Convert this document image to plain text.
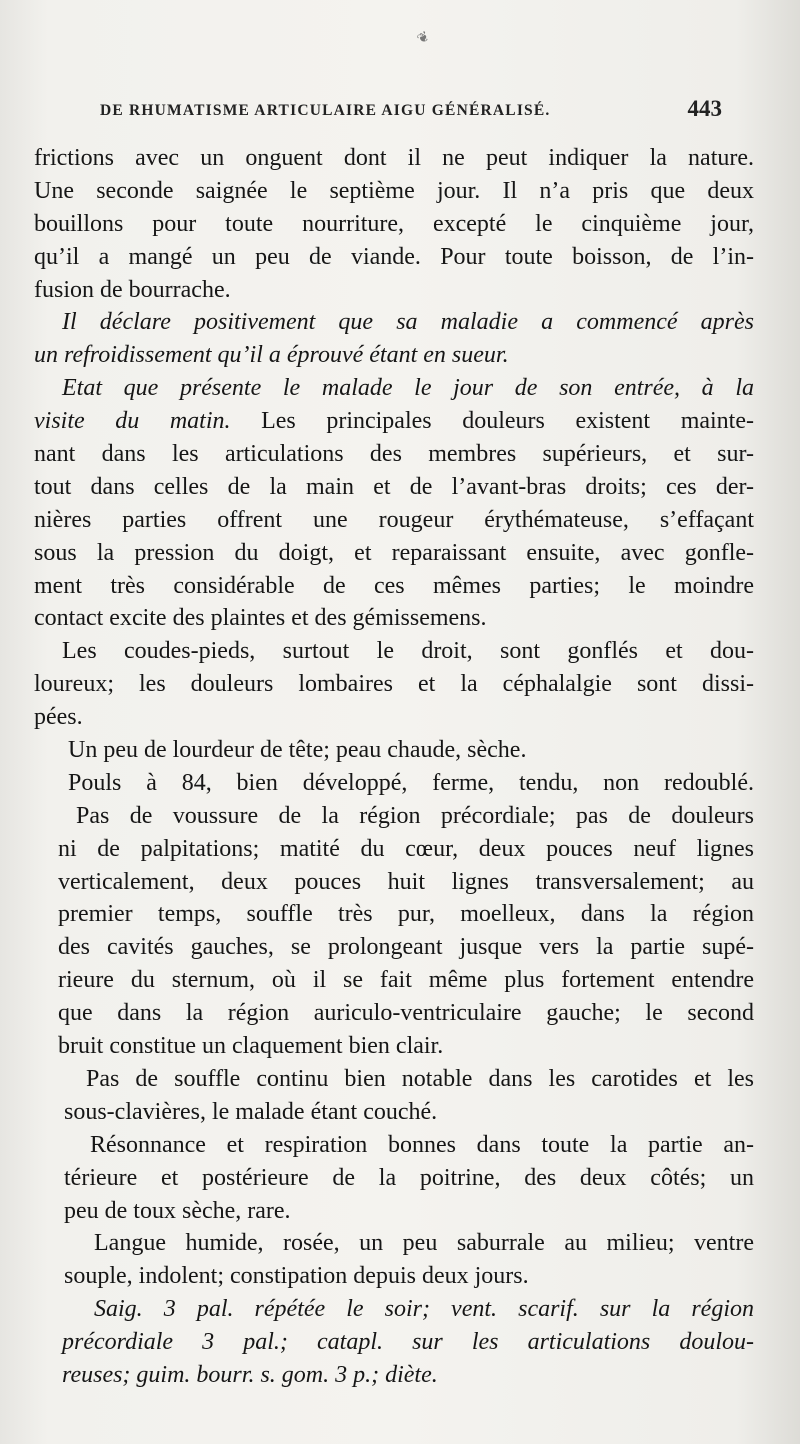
❦
DE RHUMATISME ARTICULAIRE AIGU GÉNÉRALISÉ.	443
frictions avec un onguent dont il ne peut indiquer la nature.
Une seconde saignée le septième jour. Il n’a pris que deux
bouillons pour toute nourriture, excepté le cinquième jour,
qu’il a mangé un peu de viande. Pour toute boisson, de l’in-
fusion de bourrache.
Il déclare positivement que sa maladie a commencé après
un refroidissement qu’il a éprouvé étant en sueur.
Etat que présente le malade le jour de son entrée, à la
visite du matin. Les principales douleurs existent mainte-
nant dans les articulations des membres supérieurs, et sur-
tout dans celles de la main et de l’avant-bras droits; ces der-
nières parties offrent une rougeur érythémateuse, s’effaçant
sous la pression du doigt, et reparaissant ensuite, avec gonfle-
ment très considérable de ces mêmes parties; le moindre
contact excite des plaintes et des gémissemens.
Les coudes-pieds, surtout le droit, sont gonflés et dou-
loureux; les douleurs lombaires et la céphalalgie sont dissi-
pées.
Un peu de lourdeur de tête; peau chaude, sèche.
Pouls à 84, bien développé, ferme, tendu, non redoublé.
Pas de voussure de la région précordiale; pas de douleurs
ni de palpitations; matité du cœur, deux pouces neuf lignes
verticalement, deux pouces huit lignes transversalement; au
premier temps, souffle très pur, moelleux, dans la région
des cavités gauches, se prolongeant jusque vers la partie supé-
rieure du sternum, où il se fait même plus fortement entendre
que dans la région auriculo-ventriculaire gauche; le second
bruit constitue un claquement bien clair.
Pas de souffle continu bien notable dans les carotides et les
sous-clavières, le malade étant couché.
Résonnance et respiration bonnes dans toute la partie an-
térieure et postérieure de la poitrine, des deux côtés; un
peu de toux sèche, rare.
Langue humide, rosée, un peu saburrale au milieu; ventre
souple, indolent; constipation depuis deux jours.
Saig. 3 pal. répétée le soir; vent. scarif. sur la région
précordiale 3 pal.; catapl. sur les articulations doulou-
reuses; guim. bourr. s. gom. 3 p.; diète.
